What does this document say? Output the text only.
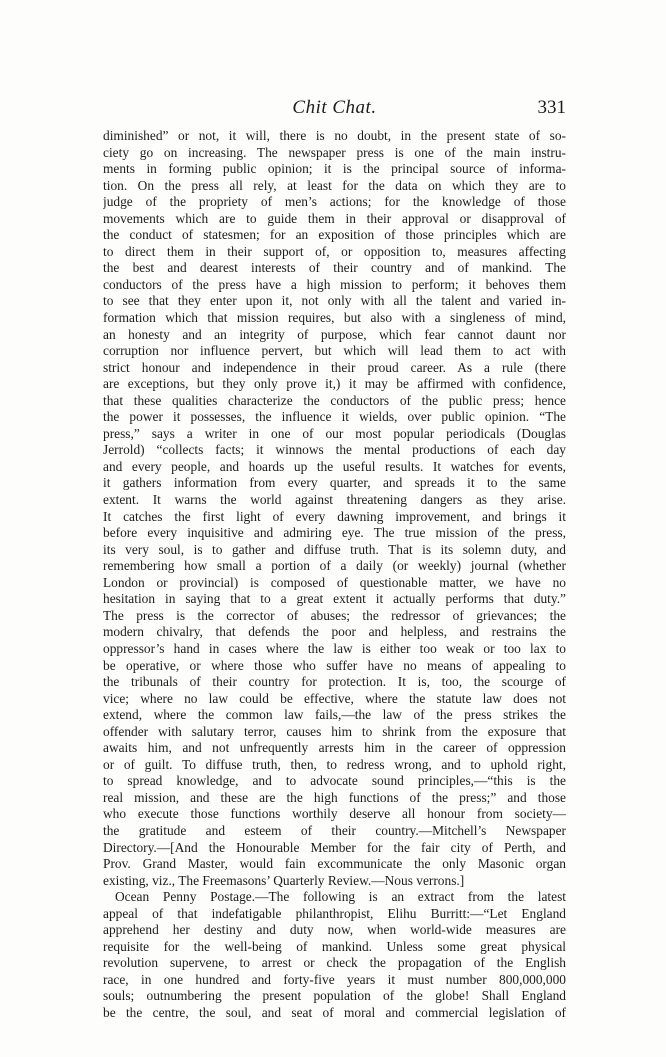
Chit Chat.	331
diminished” or not, it will, there is no doubt, in the present state of so-
ciety go on increasing. The newspaper press is one of the main instru-
ments in forming public opinion; it is the principal source of informa-
tion. On the press all rely, at least for the data on which they are to
judge of the propriety of men’s actions; for the knowledge of those
movements which are to guide them in their approval or disapproval of
the conduct of statesmen; for an exposition of those principles which are
to direct them in their support of, or opposition to, measures affecting
the best and dearest interests of their country and of mankind. The
conductors of the press have a high mission to perform; it behoves them
to see that they enter upon it, not only with all the talent and varied in-
formation which that mission requires, but also with a singleness of mind,
an honesty and an integrity of purpose, which fear cannot daunt nor
corruption nor influence pervert, but which will lead them to act with
strict honour and independence in their proud career. As a rule (there
are exceptions, but they only prove it,) it may be affirmed with confidence,
that these qualities characterize the conductors of the public press; hence
the power it possesses, the influence it wields, over public opinion. “The
press,” says a writer in one of our most popular periodicals (Douglas
Jerrold) “collects facts; it winnows the mental productions of each day
and every people, and hoards up the useful results. It watches for events,
it gathers information from every quarter, and spreads it to the same
extent. It warns the world against threatening dangers as they arise.
It catches the first light of every dawning improvement, and brings it
before every inquisitive and admiring eye. The true mission of the press,
its very soul, is to gather and diffuse truth. That is its solemn duty, and
remembering how small a portion of a daily (or weekly) journal (whether
London or provincial) is composed of questionable matter, we have no
hesitation in saying that to a great extent it actually performs that duty.”
The press is the corrector of abuses; the redressor of grievances; the
modern chivalry, that defends the poor and helpless, and restrains the
oppressor’s hand in cases where the law is either too weak or too lax to
be operative, or where those who suffer have no means of appealing to
the tribunals of their country for protection. It is, too, the scourge of
vice; where no law could be effective, where the statute law does not
extend, where the common law fails,—the law of the press strikes the
offender with salutary terror, causes him to shrink from the exposure that
awaits him, and not unfrequently arrests him in the career of oppression
or of guilt. To diffuse truth, then, to redress wrong, and to uphold right,
to spread knowledge, and to advocate sound principles,—“this is the
real mission, and these are the high functions of the press;” and those
who execute those functions worthily deserve all honour from society—
the gratitude and esteem of their country.—Mitchell’s Newspaper
Directory.—[And the Honourable Member for the fair city of Perth, and
Prov. Grand Master, would fain excommunicate the only Masonic organ
existing, viz., The Freemasons’ Quarterly Review.—Nous verrons.]
Ocean Penny Postage.—The following is an extract from the latest
appeal of that indefatigable philanthropist, Elihu Burritt:—“Let England
apprehend her destiny and duty now, when world-wide measures are
requisite for the well-being of mankind. Unless some great physical
revolution supervene, to arrest or check the propagation of the English
race, in one hundred and forty-five years it must number 800,000,000
souls; outnumbering the present population of the globe! Shall England
be the centre, the soul, and seat of moral and commercial legislation of
